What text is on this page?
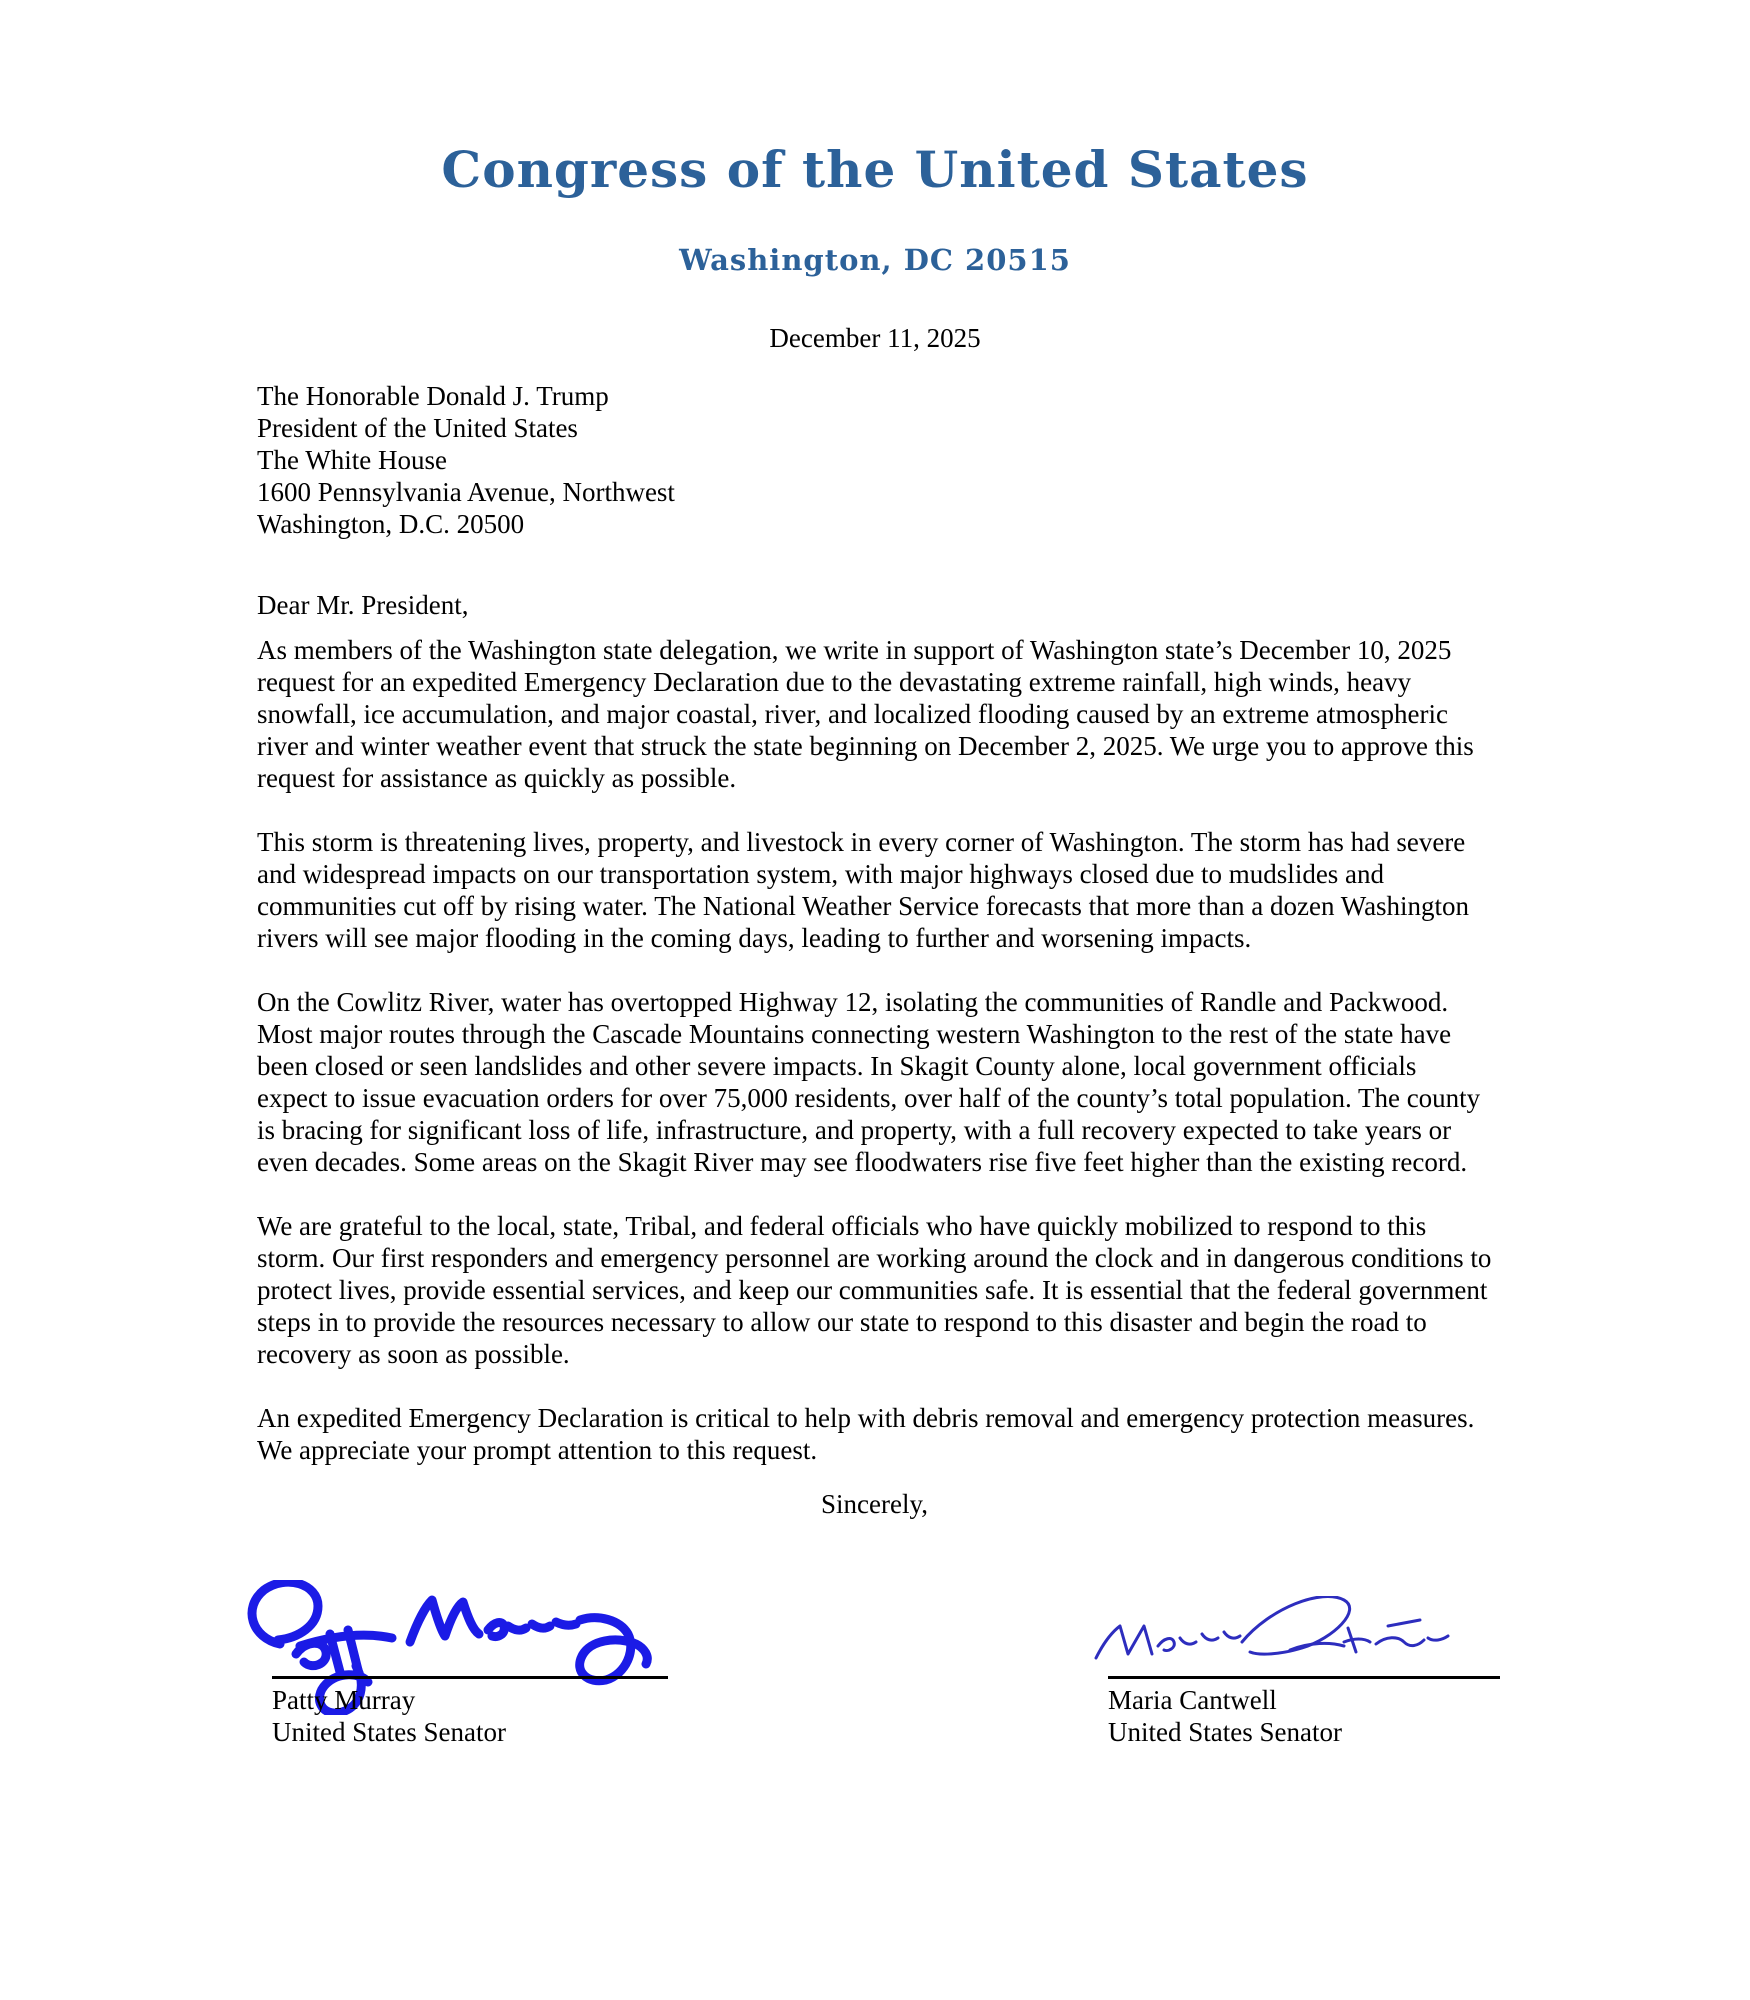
Congress of the United States
Washington, DC 20515
December 11, 2025
The Honorable Donald J. Trump
President of the United States
The White House
1600 Pennsylvania Avenue, Northwest
Washington, D.C. 20500
Dear Mr. President,

As members of the Washington state delegation, we write in support of Washington state’s December 10, 2025 request for an expedited Emergency Declaration due to the devastating extreme rainfall, high winds, heavy snowfall, ice accumulation, and major coastal, river, and localized flooding caused by an extreme atmospheric river and winter weather event that struck the state beginning on December 2, 2025. We urge you to approve this request for assistance as quickly as possible.

This storm is threatening lives, property, and livestock in every corner of Washington. The storm has had severe and widespread impacts on our transportation system, with major highways closed due to mudslides and communities cut off by rising water. The National Weather Service forecasts that more than a dozen Washington rivers will see major flooding in the coming days, leading to further and worsening impacts.

On the Cowlitz River, water has overtopped Highway 12, isolating the communities of Randle and Packwood. Most major routes through the Cascade Mountains connecting western Washington to the rest of the state have been closed or seen landslides and other severe impacts. In Skagit County alone, local government officials expect to issue evacuation orders for over 75,000 residents, over half of the county’s total population. The county is bracing for significant loss of life, infrastructure, and property, with a full recovery expected to take years or even decades. Some areas on the Skagit River may see floodwaters rise five feet higher than the existing record.

We are grateful to the local, state, Tribal, and federal officials who have quickly mobilized to respond to this storm. Our first responders and emergency personnel are working around the clock and in dangerous conditions to protect lives, provide essential services, and keep our communities safe. It is essential that the federal government steps in to provide the resources necessary to allow our state to respond to this disaster and begin the road to recovery as soon as possible.

An expedited Emergency Declaration is critical to help with debris removal and emergency protection measures. We appreciate your prompt attention to this request.

Sincerely,
Patty Murray
United States Senator
Maria Cantwell
United States Senator
